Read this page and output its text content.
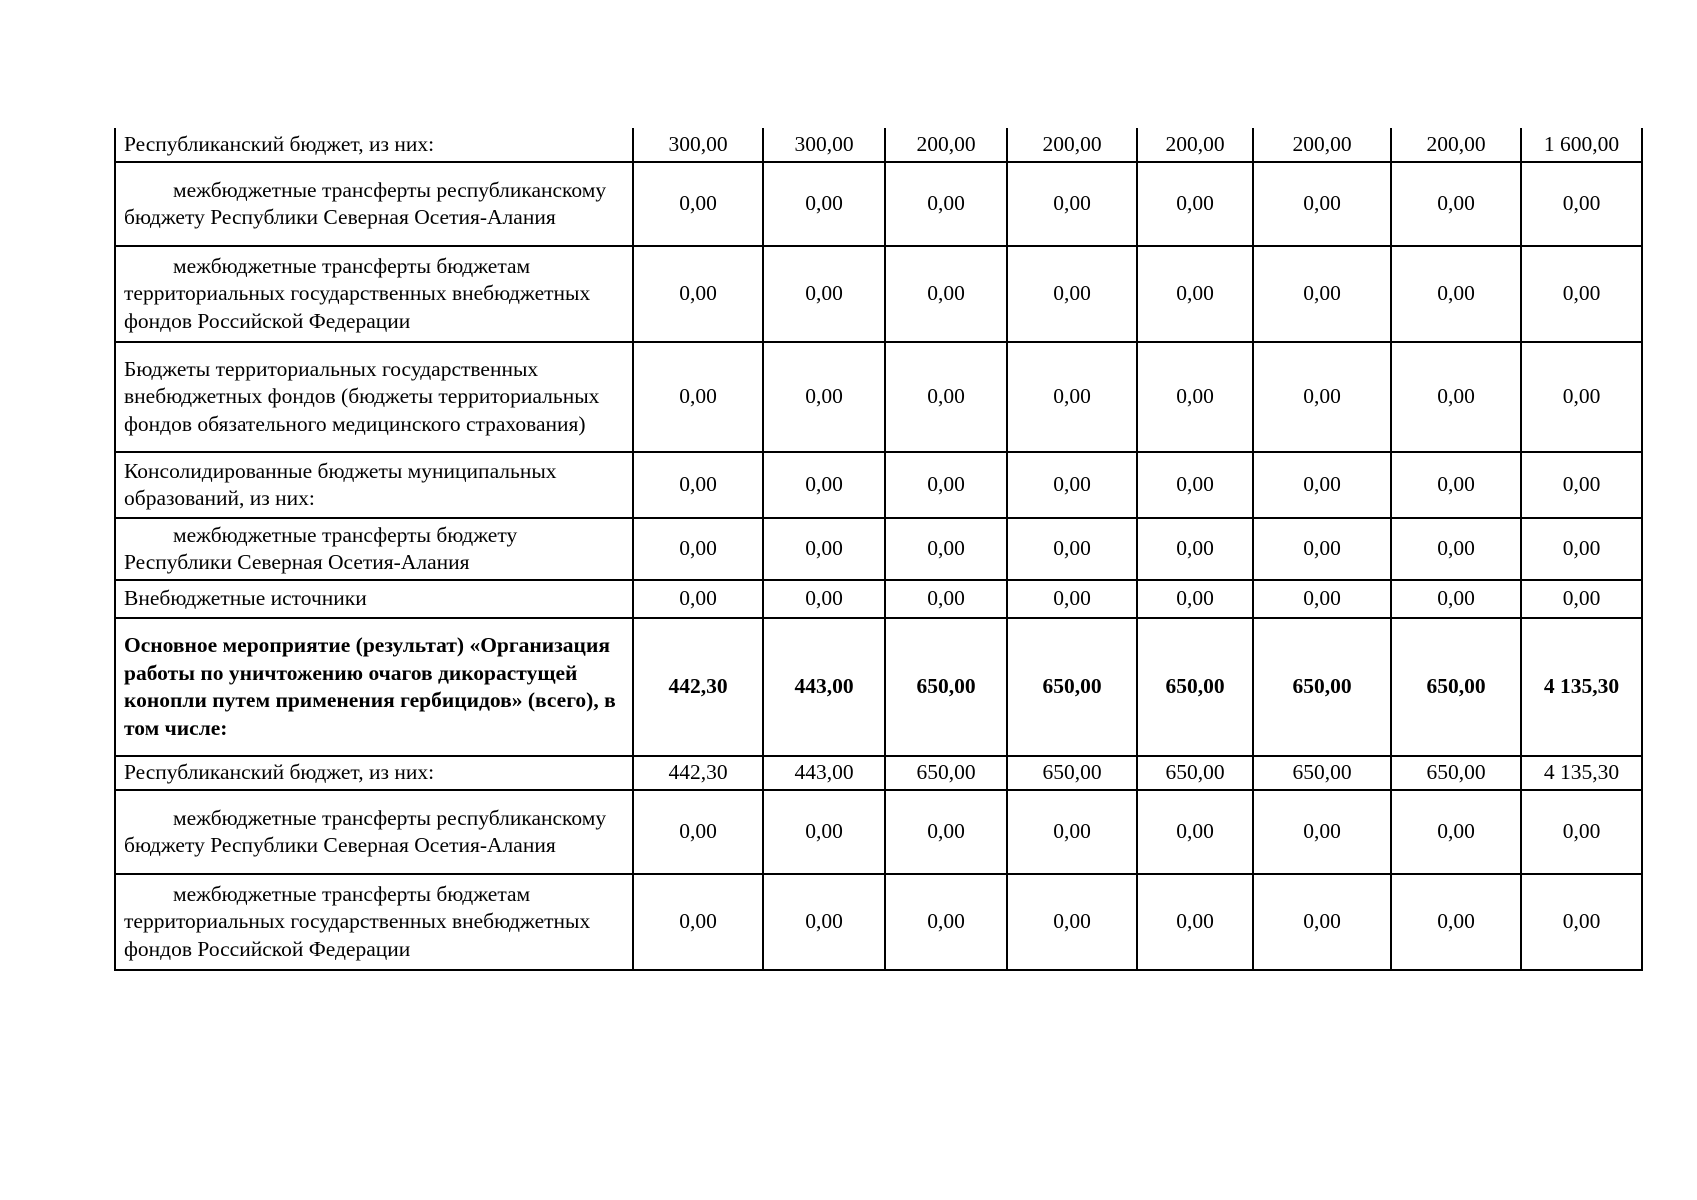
Республиканский бюджет, из них:	300,00	300,00	200,00	200,00	200,00	200,00	200,00	1 600,00

межбюджетные трансферты республиканскому бюджету Республики Северная Осетия-Алания	0,00	0,00	0,00	0,00	0,00	0,00	0,00	0,00

межбюджетные трансферты бюджетам территориальных государственных внебюджетных фондов Российской Федерации	0,00	0,00	0,00	0,00	0,00	0,00	0,00	0,00

Бюджеты территориальных государственных внебюджетных фондов (бюджеты территориальных фондов обязательного медицинского страхования)	0,00	0,00	0,00	0,00	0,00	0,00	0,00	0,00

Консолидированные бюджеты муниципальных образований, из них:	0,00	0,00	0,00	0,00	0,00	0,00	0,00	0,00

межбюджетные трансферты бюджету Республики Северная Осетия-Алания	0,00	0,00	0,00	0,00	0,00	0,00	0,00	0,00

Внебюджетные источники	0,00	0,00	0,00	0,00	0,00	0,00	0,00	0,00

Основное мероприятие (результат) «Организация работы по уничтожению очагов дикорастущей конопли путем применения гербицидов» (всего), в том числе:	442,30	443,00	650,00	650,00	650,00	650,00	650,00	4 135,30

Республиканский бюджет, из них:	442,30	443,00	650,00	650,00	650,00	650,00	650,00	4 135,30

межбюджетные трансферты республиканскому бюджету Республики Северная Осетия-Алания	0,00	0,00	0,00	0,00	0,00	0,00	0,00	0,00

межбюджетные трансферты бюджетам территориальных государственных внебюджетных фондов Российской Федерации	0,00	0,00	0,00	0,00	0,00	0,00	0,00	0,00
